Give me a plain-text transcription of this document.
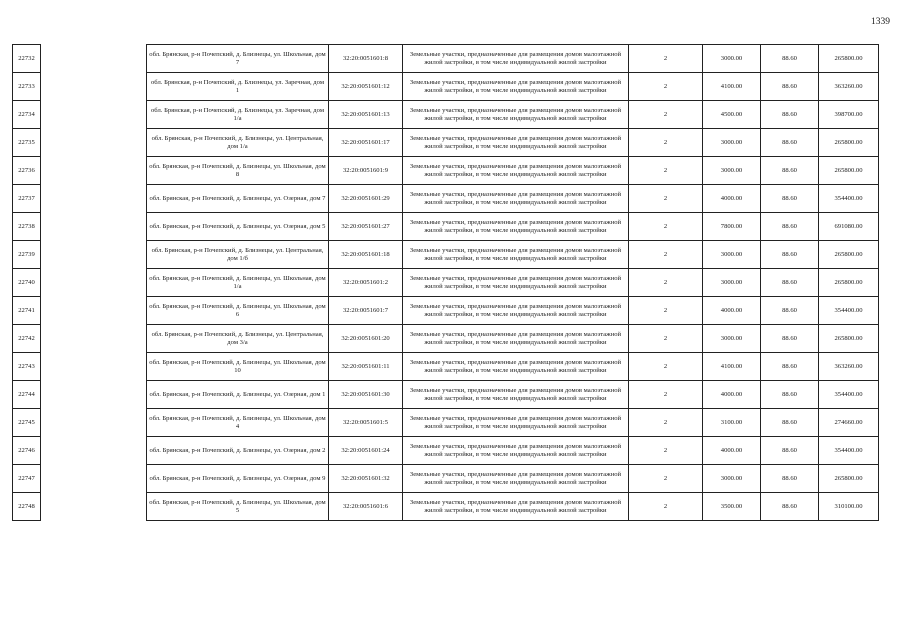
1339
22732		обл. Брянская, р-н Почепский, д. Близнецы, ул. Школьная, дом 7	32:20:0051601:8	Земельные участки, предназначенные для размещения домов малоэтажной жилой застройки, в том числе индивидуальной жилой застройки	2	3000.00	88.60	265800.00
22733		обл. Брянская, р-н Почепский, д. Близнецы, ул. Заречная, дом 1	32:20:0051601:12	Земельные участки, предназначенные для размещения домов малоэтажной жилой застройки, в том числе индивидуальной жилой застройки	2	4100.00	88.60	363260.00
22734		обл. Брянская, р-н Почепский, д. Близнецы, ул. Заречная, дом 1/а	32:20:0051601:13	Земельные участки, предназначенные для размещения домов малоэтажной жилой застройки, в том числе индивидуальной жилой застройки	2	4500.00	88.60	398700.00
22735		обл. Брянская, р-н Почепский, д. Близнецы, ул. Центральная, дом 1/а	32:20:0051601:17	Земельные участки, предназначенные для размещения домов малоэтажной жилой застройки, в том числе индивидуальной жилой застройки	2	3000.00	88.60	265800.00
22736		обл. Брянская, р-н Почепский, д. Близнецы, ул. Школьная, дом 8	32:20:0051601:9	Земельные участки, предназначенные для размещения домов малоэтажной жилой застройки, в том числе индивидуальной жилой застройки	2	3000.00	88.60	265800.00
22737		обл. Брянская, р-н Почепский, д. Близнецы, ул. Озерная, дом 7	32:20:0051601:29	Земельные участки, предназначенные для размещения домов малоэтажной жилой застройки, в том числе индивидуальной жилой застройки	2	4000.00	88.60	354400.00
22738		обл. Брянская, р-н Почепский, д. Близнецы, ул. Озерная, дом 5	32:20:0051601:27	Земельные участки, предназначенные для размещения домов малоэтажной жилой застройки, в том числе индивидуальной жилой застройки	2	7800.00	88.60	691080.00
22739		обл. Брянская, р-н Почепский, д. Близнецы, ул. Центральная, дом 1/б	32:20:0051601:18	Земельные участки, предназначенные для размещения домов малоэтажной жилой застройки, в том числе индивидуальной жилой застройки	2	3000.00	88.60	265800.00
22740		обл. Брянская, р-н Почепский, д. Близнецы, ул. Школьная, дом 1/а	32:20:0051601:2	Земельные участки, предназначенные для размещения домов малоэтажной жилой застройки, в том числе индивидуальной жилой застройки	2	3000.00	88.60	265800.00
22741		обл. Брянская, р-н Почепский, д. Близнецы, ул. Школьная, дом 6	32:20:0051601:7	Земельные участки, предназначенные для размещения домов малоэтажной жилой застройки, в том числе индивидуальной жилой застройки	2	4000.00	88.60	354400.00
22742		обл. Брянская, р-н Почепский, д. Близнецы, ул. Центральная, дом 3/а	32:20:0051601:20	Земельные участки, предназначенные для размещения домов малоэтажной жилой застройки, в том числе индивидуальной жилой застройки	2	3000.00	88.60	265800.00
22743		обл. Брянская, р-н Почепский, д. Близнецы, ул. Школьная, дом 10	32:20:0051601:11	Земельные участки, предназначенные для размещения домов малоэтажной жилой застройки, в том числе индивидуальной жилой застройки	2	4100.00	88.60	363260.00
22744		обл. Брянская, р-н Почепский, д. Близнецы, ул. Озерная, дом 1	32:20:0051601:30	Земельные участки, предназначенные для размещения домов малоэтажной жилой застройки, в том числе индивидуальной жилой застройки	2	4000.00	88.60	354400.00
22745		обл. Брянская, р-н Почепский, д. Близнецы, ул. Школьная, дом 4	32:20:0051601:5	Земельные участки, предназначенные для размещения домов малоэтажной жилой застройки, в том числе индивидуальной жилой застройки	2	3100.00	88.60	274660.00
22746		обл. Брянская, р-н Почепский, д. Близнецы, ул. Озерная, дом 2	32:20:0051601:24	Земельные участки, предназначенные для размещения домов малоэтажной жилой застройки, в том числе индивидуальной жилой застройки	2	4000.00	88.60	354400.00
22747		обл. Брянская, р-н Почепский, д. Близнецы, ул. Озерная, дом 9	32:20:0051601:32	Земельные участки, предназначенные для размещения домов малоэтажной жилой застройки, в том числе индивидуальной жилой застройки	2	3000.00	88.60	265800.00
22748		обл. Брянская, р-н Почепский, д. Близнецы, ул. Школьная, дом 5	32:20:0051601:6	Земельные участки, предназначенные для размещения домов малоэтажной жилой застройки, в том числе индивидуальной жилой застройки	2	3500.00	88.60	310100.00
